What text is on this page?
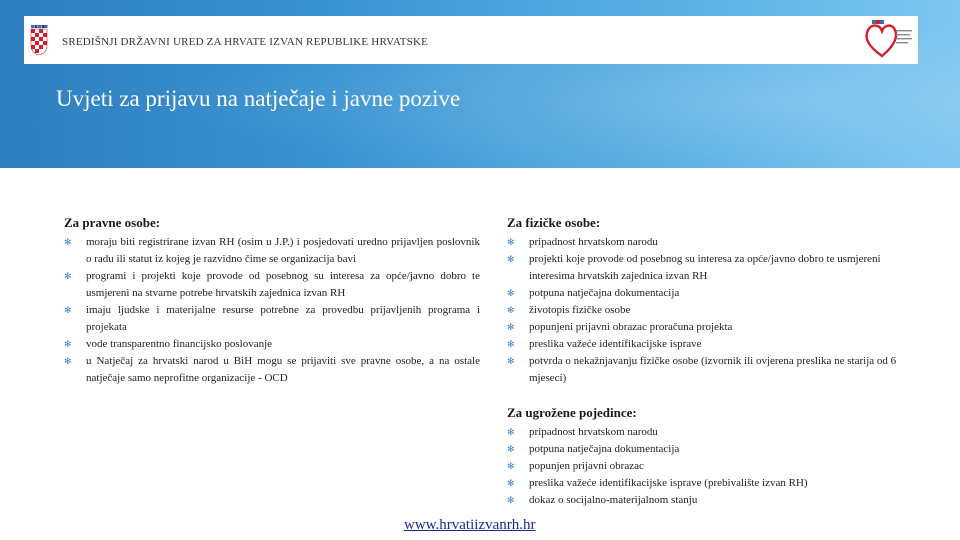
SREDIŠNJI DRŽAVNI URED ZA HRVATE IZVAN REPUBLIKE HRVATSKE
Uvjeti za prijavu na natječaje i javne pozive
Za pravne osobe:
✻ moraju biti registrirane izvan RH (osim u J.P.) i posjedovati uredno prijavljen poslovnik o radu ili statut iz kojeg je razvidno čime se organizacija bavi
✻ programi i projekti koje provode od posebnog su interesa za opće/javno dobro te usmjereni na stvarne potrebe hrvatskih zajednica izvan RH
✻ imaju ljudske i materijalne resurse potrebne za provedbu prijavljenih programa i projekata
✻ vode transparentno financijsko poslovanje
✻ u Natječaj za hrvatski narod u BiH mogu se prijaviti sve pravne osobe, a na ostale natječaje samo neprofitne organizacije - OCD
Za fizičke osobe:
✻ pripadnost hrvatskom narodu
✻ projekti koje provode od posebnog su interesa za opće/javno dobro te usmjereni interesima hrvatskih zajednica izvan RH
✻ potpuna natječajna dokumentacija
✻ životopis fizičke osobe
✻ popunjeni prijavni obrazac proračuna projekta
✻ preslika važeće identifikacijske isprave
✻ potvrda o nekažnjavanju fizičke osobe (izvornik ili ovjerena preslika ne starija od 6 mjeseci)
Za ugrožene pojedince:
✻ pripadnost hrvatskom narodu
✻ potpuna natječajna dokumentacija
✻ popunjen prijavni obrazac
✻ preslika važeće identifikacijske isprave (prebivalište izvan RH)
✻ dokaz o socijalno-materijalnom stanju
www.hrvatiizvanrh.hr
